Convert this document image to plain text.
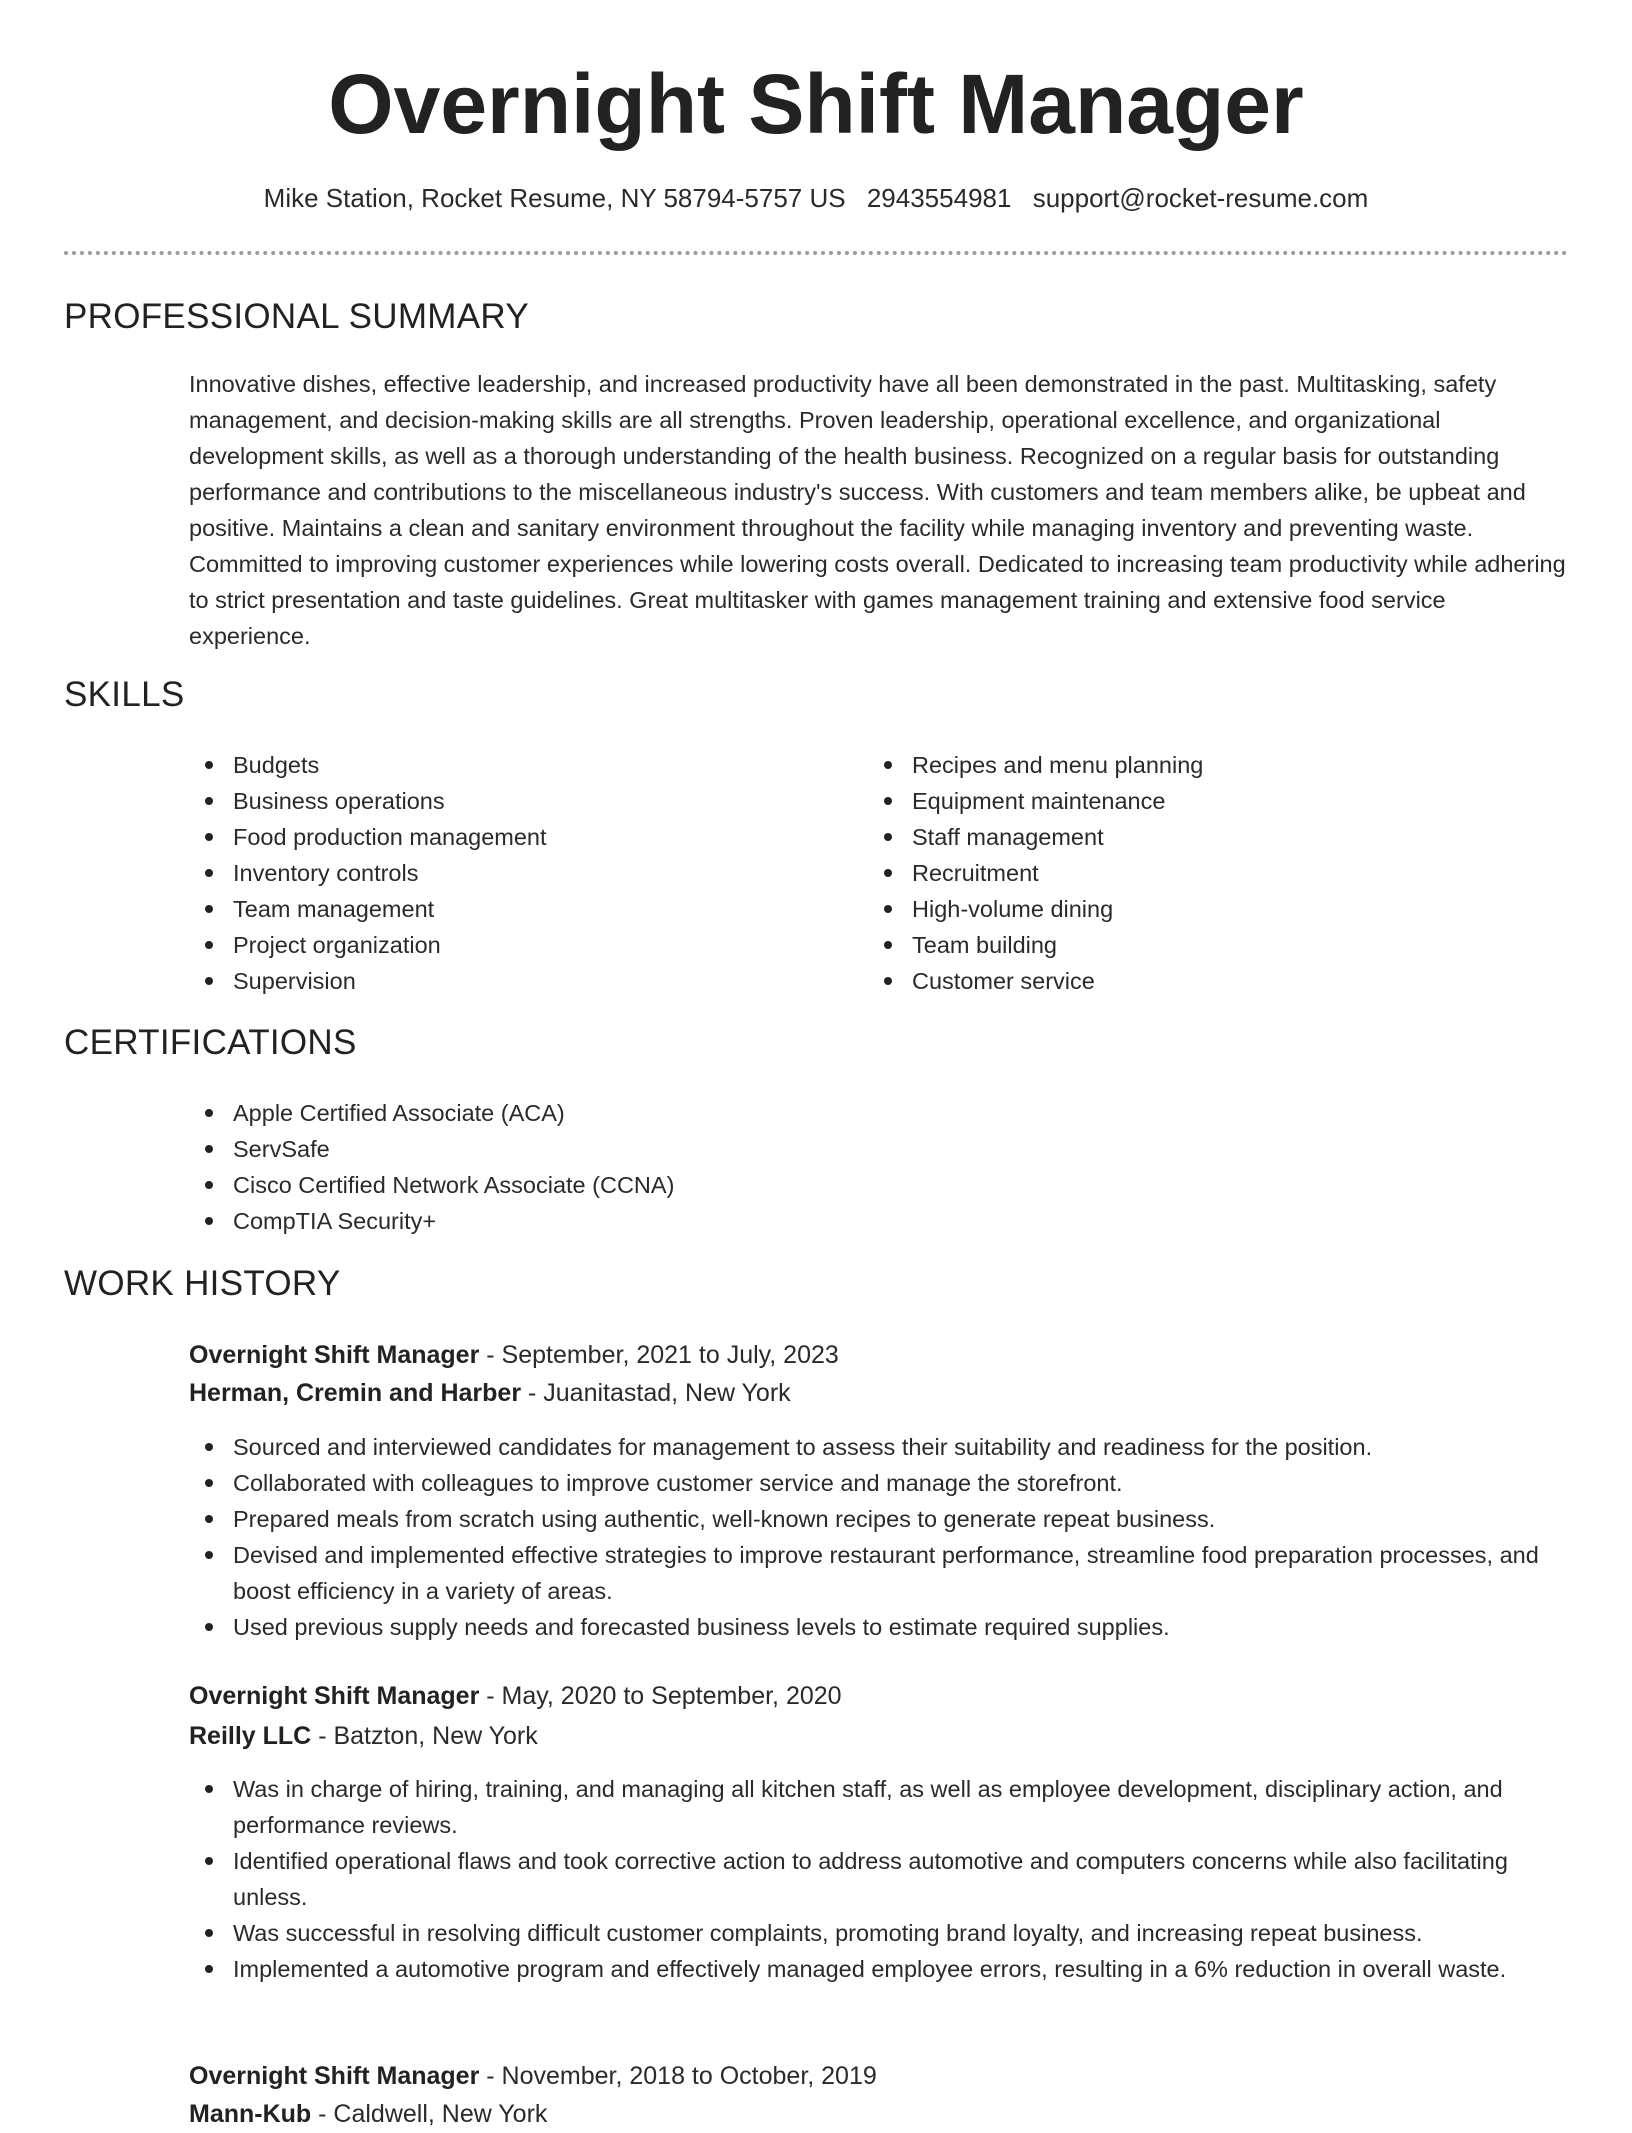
Overnight Shift Manager
Mike Station, Rocket Resume, NY 58794-5757 US 2943554981 support@rocket-resume.com
PROFESSIONAL SUMMARY

Innovative dishes, effective leadership, and increased productivity have all been demonstrated in the past. Multitasking, safety management, and decision-making skills are all strengths. Proven leadership, operational excellence, and organizational development skills, as well as a thorough understanding of the health business. Recognized on a regular basis for outstanding performance and contributions to the miscellaneous industry's success. With customers and team members alike, be upbeat and positive. Maintains a clean and sanitary environment throughout the facility while managing inventory and preventing waste. Committed to improving customer experiences while lowering costs overall. Dedicated to increasing team productivity while adhering to strict presentation and taste guidelines. Great multitasker with games management training and extensive food service experience.

SKILLS
Budgets
Business operations
Food production management
Inventory controls
Team management
Project organization
Supervision
Recipes and menu planning
Equipment maintenance
Staff management
Recruitment
High-volume dining
Team building
Customer service
CERTIFICATIONS
Apple Certified Associate (ACA)
ServSafe
Cisco Certified Network Associate (CCNA)
CompTIA Security+
WORK HISTORY
Overnight Shift Manager - September, 2021 to July, 2023
Herman, Cremin and Harber - Juanitastad, New York
Sourced and interviewed candidates for management to assess their suitability and readiness for the position.
Collaborated with colleagues to improve customer service and manage the storefront.
Prepared meals from scratch using authentic, well-known recipes to generate repeat business.
Devised and implemented effective strategies to improve restaurant performance, streamline food preparation processes, and boost efficiency in a variety of areas.
Used previous supply needs and forecasted business levels to estimate required supplies.
Overnight Shift Manager - May, 2020 to September, 2020
Reilly LLC - Batzton, New York
Was in charge of hiring, training, and managing all kitchen staff, as well as employee development, disciplinary action, and performance reviews.
Identified operational flaws and took corrective action to address automotive and computers concerns while also facilitating unless.
Was successful in resolving difficult customer complaints, promoting brand loyalty, and increasing repeat business.
Implemented a automotive program and effectively managed employee errors, resulting in a 6% reduction in overall waste.
Overnight Shift Manager - November, 2018 to October, 2019
Mann-Kub - Caldwell, New York
